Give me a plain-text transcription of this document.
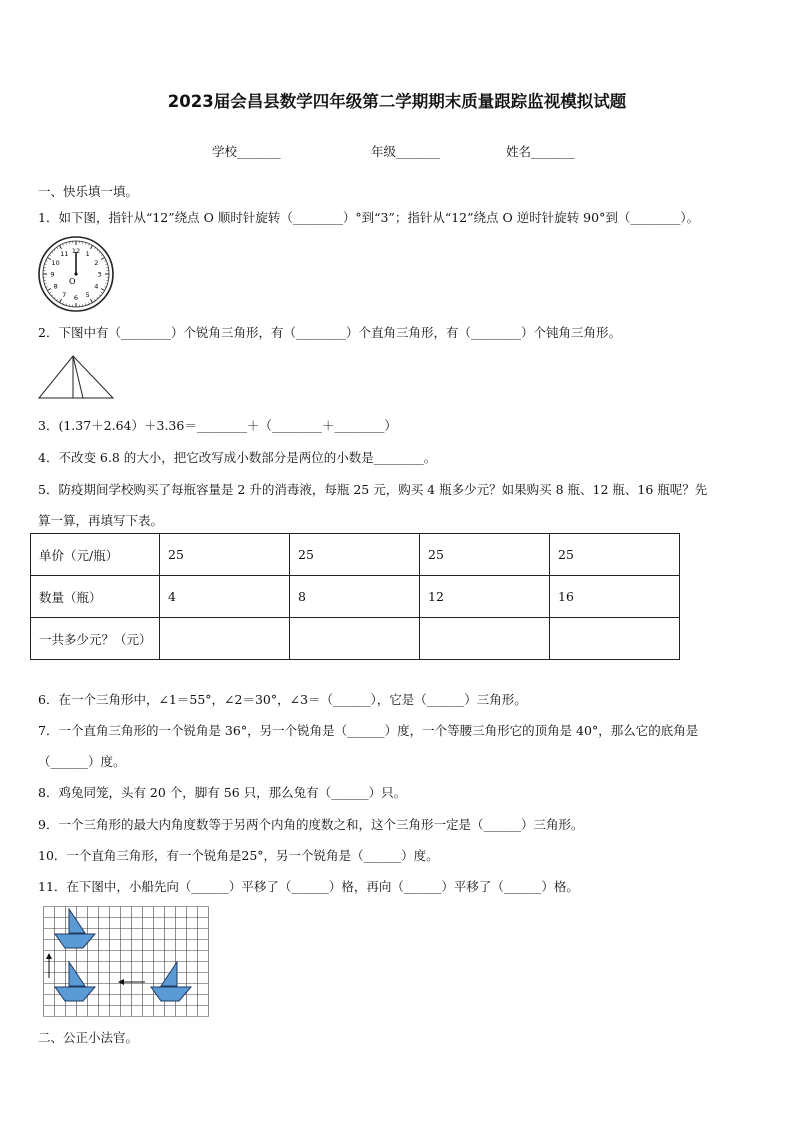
2023届会昌县数学四年级第二学期期末质量跟踪监视模拟试题
学校_______	年级_______	姓名_______
一、快乐填一填。
1．如下图，指针从“12”绕点 O 顺时针旋转（________）°到“3”；指针从“12”绕点 O 逆时针旋转 90°到（________）。
12 1
2
3
4
5
6
7
8
9
10
11
O
2．下图中有（________）个锐角三角形，有（________）个直角三角形，有（________）个钝角三角形。
3．(1.37＋2.64）＋3.36＝________＋（________＋________）
4．不改变 6.8 的大小，把它改写成小数部分是两位的小数是________。
5．防疫期间学校购买了每瓶容量是 2 升的消毒液，每瓶 25 元，购买 4 瓶多少元？如果购买 8 瓶、12 瓶、16 瓶呢？先
算一算，再填写下表。
单价（元/瓶）	25	25	25	25
数量（瓶）	4	8	12	16
一共多少元？（元）				
6．在一个三角形中，∠1＝55°，∠2＝30°，∠3＝（______），它是（______）三角形。
7．一个直角三角形的一个锐角是 36°，另一个锐角是（______）度，一个等腰三角形它的顶角是 40°，那么它的底角是
（______）度。
8．鸡兔同笼，头有 20 个，脚有 56 只，那么兔有（______）只。
9．一个三角形的最大内角度数等于另两个内角的度数之和，这个三角形一定是（______）三角形。
10．一个直角三角形，有一个锐角是25°，另一个锐角是（______）度。
11．在下图中，小船先向（______）平移了（______）格，再向（______）平移了（______）格。
二、公正小法官。
